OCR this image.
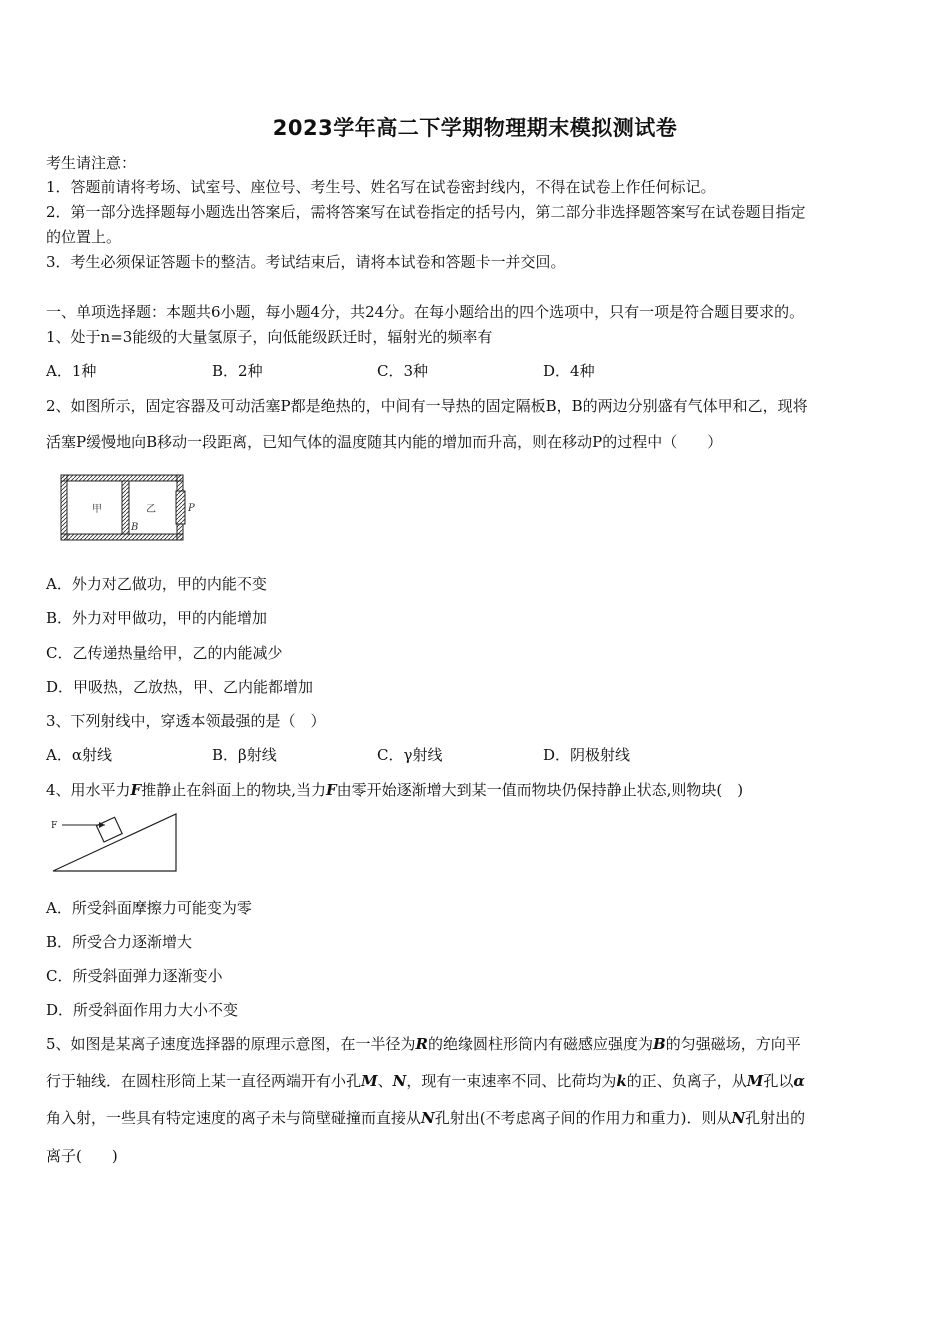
2023学年高二下学期物理期末模拟测试卷
考生请注意：
1．答题前请将考场、试室号、座位号、考生号、姓名写在试卷密封线内，不得在试卷上作任何标记。
2．第一部分选择题每小题选出答案后，需将答案写在试卷指定的括号内，第二部分非选择题答案写在试卷题目指定
的位置上。
3．考生必须保证答题卡的整洁。考试结束后，请将本试卷和答题卡一并交回。
一、单项选择题：本题共6小题，每小题4分，共24分。在每小题给出的四个选项中，只有一项是符合题目要求的。
1、处于n=3能级的大量氢原子，向低能级跃迁时，辐射光的频率有
A．1种	B．2种	C．3种	D．4种
2、如图所示，固定容器及可动活塞P都是绝热的，中间有一导热的固定隔板B，B的两边分别盛有气体甲和乙，现将
活塞P缓慢地向B移动一段距离，已知气体的温度随其内能的增加而升高，则在移动P的过程中（　　）
甲	乙
B
P
A．外力对乙做功，甲的内能不变
B．外力对甲做功，甲的内能增加
C．乙传递热量给甲，乙的内能减少
D．甲吸热，乙放热，甲、乙内能都增加
3、下列射线中，穿透本领最强的是（　）
A．α射线	B．β射线	C．γ射线	D．阴极射线
4、用水平力F推静止在斜面上的物块,当力F由零开始逐渐增大到某一值而物块仍保持静止状态,则物块(　)
F
A．所受斜面摩擦力可能变为零
B．所受合力逐渐增大
C．所受斜面弹力逐渐变小
D．所受斜面作用力大小不变
5、如图是某离子速度选择器的原理示意图，在一半径为R的绝缘圆柱形筒内有磁感应强度为B的匀强磁场，方向平
行于轴线．在圆柱形筒上某一直径两端开有小孔M、N，现有一束速率不同、比荷均为k的正、负离子，从M孔以α
角入射，一些具有特定速度的离子未与筒壁碰撞而直接从N孔射出(不考虑离子间的作用力和重力)．则从N孔射出的
离子(　　)
